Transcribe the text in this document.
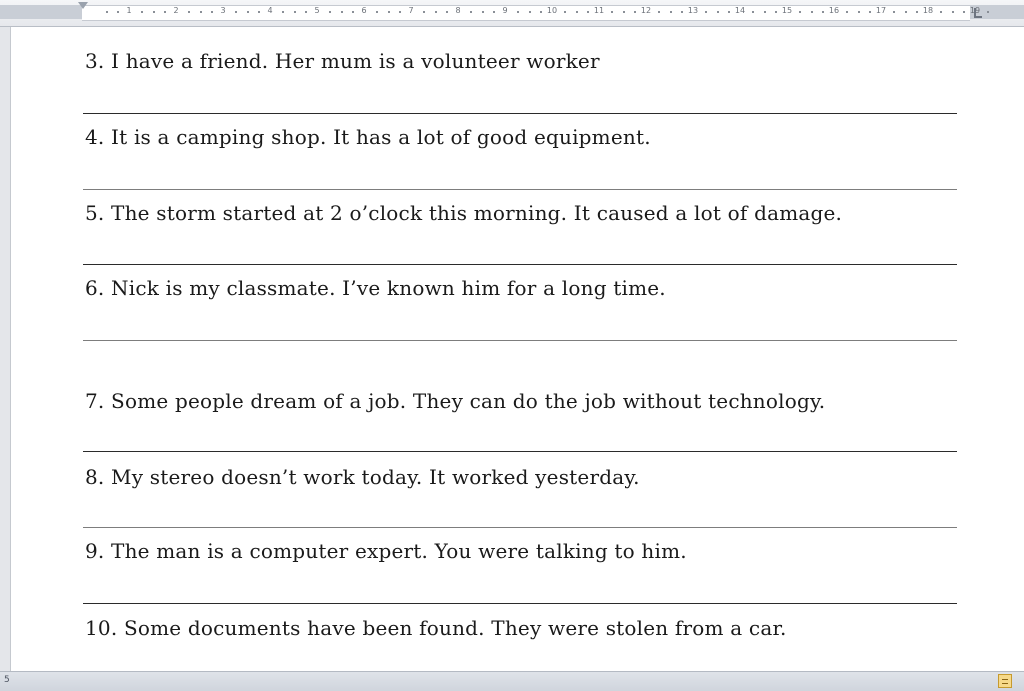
1	2	3	4	5	6	7	8	9	10	11	12	13	14	15	16	17	18	19
3. I have a friend. Her mum is a volunteer worker
4. It is a camping shop. It has a lot of good equipment.
5. The storm started at 2 o’clock this morning. It caused a lot of damage.
6. Nick is my classmate. I’ve known him for a long time.
7. Some people dream of a job. They can do the job without technology.
8. My stereo doesn’t work today. It worked yesterday.
9. The man is a computer expert. You were talking to him.
10. Some documents have been found. They were stolen from a car.
5
